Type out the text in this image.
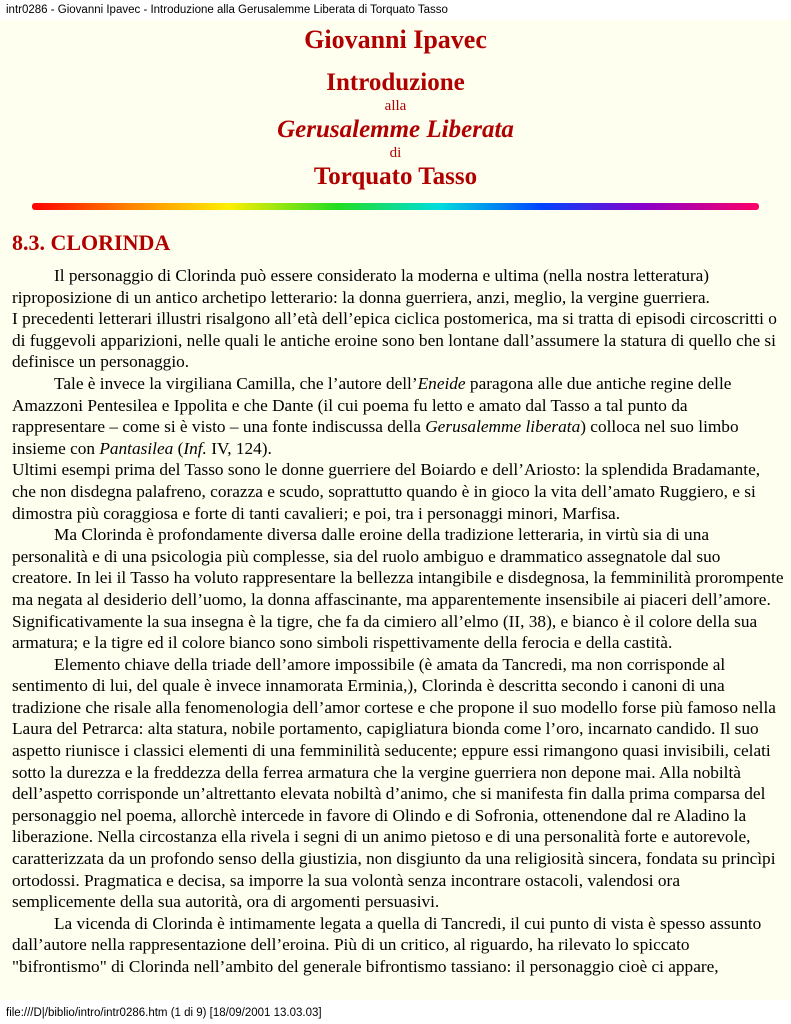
intr0286 - Giovanni Ipavec - Introduzione alla Gerusalemme Liberata di Torquato Tasso
Giovanni Ipavec
Introduzione
alla
Gerusalemme Liberata
di
Torquato Tasso
8.3. CLORINDA

Il personaggio di Clorinda può essere considerato la moderna e ultima (nella nostra letteratura) riproposizione di un antico archetipo letterario: la donna guerriera, anzi, meglio, la vergine guerriera.

I precedenti letterari illustri risalgono all’età dell’epica ciclica postomerica, ma si tratta di episodi circoscritti o di fuggevoli apparizioni, nelle quali le antiche eroine sono ben lontane dall’assumere la statura di quello che si definisce un personaggio.

Tale è invece la virgiliana Camilla, che l’autore dell’Eneide paragona alle due antiche regine delle Amazzoni Pentesilea e Ippolita e che Dante (il cui poema fu letto e amato dal Tasso a tal punto da rappresentare – come si è visto – una fonte indiscussa della Gerusalemme liberata) colloca nel suo limbo insieme con Pantasilea (Inf. IV, 124).

Ultimi esempi prima del Tasso sono le donne guerriere del Boiardo e dell’Ariosto: la splendida Bradamante, che non disdegna palafreno, corazza e scudo, soprattutto quando è in gioco la vita dell’amato Ruggiero, e si dimostra più coraggiosa e forte di tanti cavalieri; e poi, tra i personaggi minori, Marfisa.

Ma Clorinda è profondamente diversa dalle eroine della tradizione letteraria, in virtù sia di una personalità e di una psicologia più complesse, sia del ruolo ambiguo e drammatico assegnatole dal suo creatore. In lei il Tasso ha voluto rappresentare la bellezza intangibile e disdegnosa, la femminilità prorompente ma negata al desiderio dell’uomo, la donna affascinante, ma apparentemente insensibile ai piaceri dell’amore. Significativamente la sua insegna è la tigre, che fa da cimiero all’elmo (II, 38), e bianco è il colore della sua armatura; e la tigre ed il colore bianco sono simboli rispettivamente della ferocia e della castità.

Elemento chiave della triade dell’amore impossibile (è amata da Tancredi, ma non corrisponde al sentimento di lui, del quale è invece innamorata Erminia,), Clorinda è descritta secondo i canoni di una tradizione che risale alla fenomenologia dell’amor cortese e che propone il suo modello forse più famoso nella Laura del Petrarca: alta statura, nobile portamento, capigliatura bionda come l’oro, incarnato candido. Il suo aspetto riunisce i classici elementi di una femminilità seducente; eppure essi rimangono quasi invisibili, celati sotto la durezza e la freddezza della ferrea armatura che la vergine guerriera non depone mai. Alla nobiltà dell’aspetto corrisponde un’altrettanto elevata nobiltà d’animo, che si manifesta fin dalla prima comparsa del personaggio nel poema, allorchè intercede in favore di Olindo e di Sofronia, ottenendone dal re Aladino la liberazione. Nella circostanza ella rivela i segni di un animo pietoso e di una personalità forte e autorevole, caratterizzata da un profondo senso della giustizia, non disgiunto da una religiosità sincera, fondata su princìpi ortodossi. Pragmatica e decisa, sa imporre la sua volontà senza incontrare ostacoli, valendosi ora semplicemente della sua autorità, ora di argomenti persuasivi.

La vicenda di Clorinda è intimamente legata a quella di Tancredi, il cui punto di vista è spesso assunto dall’autore nella rappresentazione dell’eroina. Più di un critico, al riguardo, ha rilevato lo spiccato "bifrontismo" di Clorinda nell’ambito del generale bifrontismo tassiano: il personaggio cioè ci appare,

file:///D|/biblio/intro/intr0286.htm (1 di 9) [18/09/2001 13.03.03]
